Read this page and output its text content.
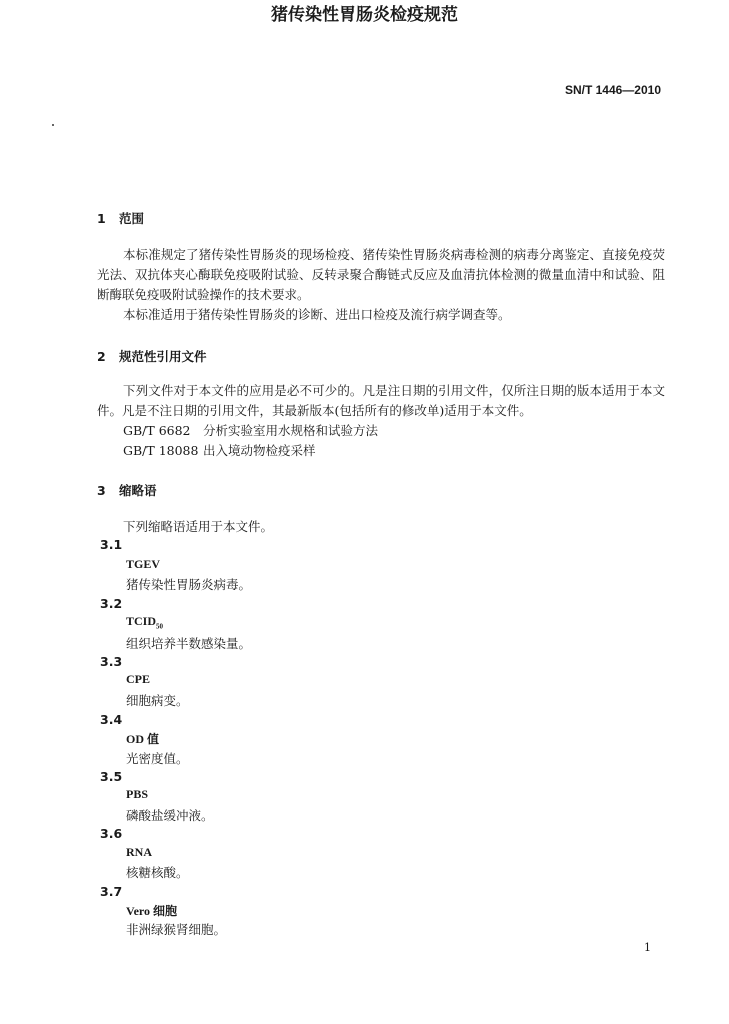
SN/T 1446—2010
猪传染性胃肠炎检疫规范
1 范围
本标准规定了猪传染性胃肠炎的现场检疫、猪传染性胃肠炎病毒检测的病毒分离鉴定、直接免疫荧光法、双抗体夹心酶联免疫吸附试验、反转录聚合酶链式反应及血清抗体检测的微量血清中和试验、阻断酶联免疫吸附试验操作的技术要求。
本标准适用于猪传染性胃肠炎的诊断、进出口检疫及流行病学调查等。
2 规范性引用文件
下列文件对于本文件的应用是必不可少的。凡是注日期的引用文件，仅所注日期的版本适用于本文件。凡是不注日期的引用文件，其最新版本(包括所有的修改单)适用于本文件。
GB/T 6682 分析实验室用水规格和试验方法
GB/T 18088 出入境动物检疫采样
3 缩略语
下列缩略语适用于本文件。
3.1
TGEV
猪传染性胃肠炎病毒。
3.2
$TCID_{50}$
组织培养半数感染量。
3.3
CPE
细胞病变。
3.4
OD 值
光密度值。
3.5
PBS
磷酸盐缓冲液。
3.6
RNA
核糖核酸。
3.7
Vero 细胞
非洲绿猴肾细胞。
1
